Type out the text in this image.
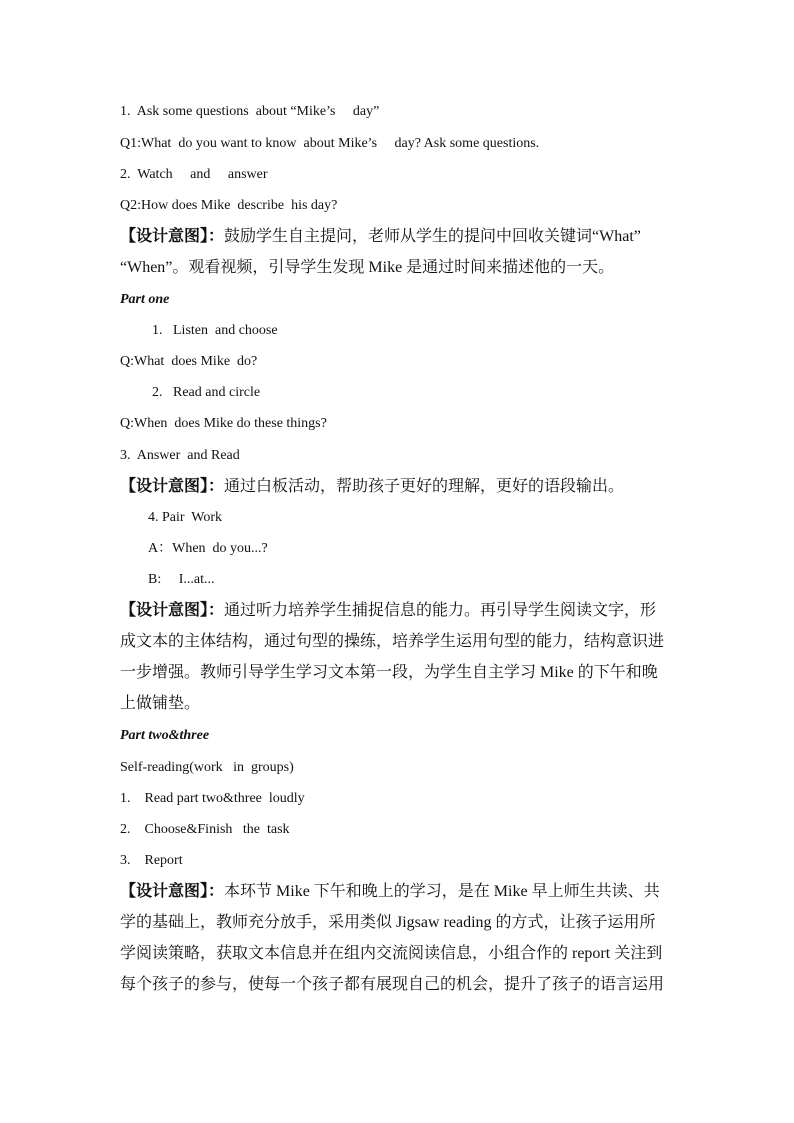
1.  Ask some questions  about “Mike’s     day”
Q1:What  do you want to know  about Mike’s     day? Ask some questions.
2.  Watch     and     answer
Q2:How does Mike  describe  his day?
【设计意图】：鼓励学生自主提问，老师从学生的提问中回收关键词“What”
“When”。观看视频，引导学生发现 Mike 是通过时间来描述他的一天。
Part one
1.   Listen  and choose
Q:What  does Mike  do?
2.   Read and circle
Q:When  does Mike do these things?
3.  Answer  and Read
【设计意图】：通过白板活动，帮助孩子更好的理解，更好的语段输出。
4. Pair  Work
A：When  do you...?
B:     I...at...
【设计意图】：通过听力培养学生捕捉信息的能力。再引导学生阅读文字，形
成文本的主体结构，通过句型的操练，培养学生运用句型的能力，结构意识进
一步增强。教师引导学生学习文本第一段，为学生自主学习 Mike 的下午和晚
上做铺垫。
Part two&three
Self-reading(work   in  groups)
1.    Read part two&three  loudly
2.    Choose&Finish   the  task
3.    Report
【设计意图】：本环节 Mike 下午和晚上的学习，是在 Mike 早上师生共读、共
学的基础上，教师充分放手，采用类似 Jigsaw reading 的方式，让孩子运用所
学阅读策略，获取文本信息并在组内交流阅读信息，小组合作的 report 关注到
每个孩子的参与，使每一个孩子都有展现自己的机会，提升了孩子的语言运用
